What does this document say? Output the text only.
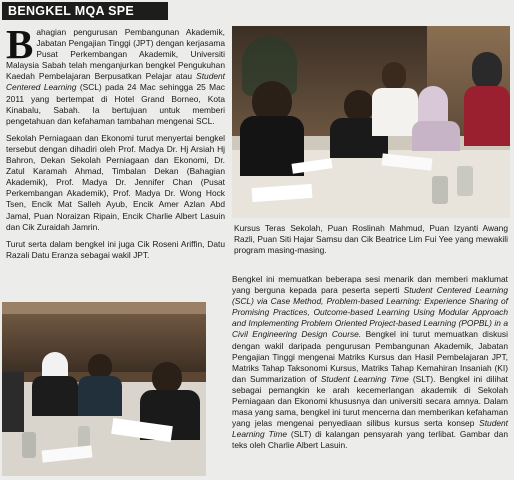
BENGKEL MQA SPE

Bahagian pengurusan Pembangunan Akademik, Jabatan Pengajian Tinggi (JPT) dengan kerjasama Pusat Perkembangan Akademik, Universiti Malaysia Sabah telah menganjurkan bengkel Pengukuhan Kaedah Pembelajaran Berpusatkan Pelajar atau Student Centered Learning (SCL) pada 24 Mac sehingga 25 Mac 2011 yang bertempat di Hotel Grand Borneo, Kota Kinabalu, Sabah. Ia bertujuan untuk memberi pengetahuan dan kefahaman tambahan mengenai SCL.

Sekolah Perniagaan dan Ekonomi turut menyertai bengkel tersebut dengan dihadiri oleh Prof. Madya Dr. Hj Arsiah Hj Bahron, Dekan Sekolah Perniagaan dan Ekonomi, Dr. Zatul Karamah Ahmad, Timbalan Dekan (Bahagian Akademik), Prof. Madya Dr. Jennifer Chan (Pusat Perkembangan Akademik), Prof. Madya Dr. Wong Hock Tsen, Encik Mat Salleh Ayub, Encik Amer Azlan Abd Jamal, Puan Noraizan Ripain, Encik Charlie Albert Lasuin dan Cik Zuraidah Jamrin.

Turut serta dalam bengkel ini juga Cik Roseni Ariffin, Datu Razali Datu Eranza sebagai wakil JPT.

Kursus Teras Sekolah, Puan Roslinah Mahmud, Puan Izyanti Awang Razli, Puan Siti Hajar Samsu dan Cik Beatrice Lim Fui Yee yang mewakili program masing-masing.

Bengkel ini memuatkan beberapa sesi menarik dan memberi maklumat yang berguna kepada para peserta seperti Student Centered Learning (SCL) via Case Method, Problem-based Learning: Experience Sharing of Promising Practices, Outcome-based Learning Using Modular Approach and Implementing Problem Oriented Project-based Learning (POPBL) in a Civil Engineering Design Course. Bengkel ini turut memuatkan diskusi dengan wakil daripada pengurusan Pembangunan Akademik, Jabatan Pengajian Tinggi mengenai Matriks Kursus dan Hasil Pembelajaran JPT, Matriks Tahap Taksonomi Kursus, Matriks Tahap Kemahiran Insaniah (KI) dan Summarization of Student Learning Time (SLT). Bengkel ini dilihat sebagai pemangkin ke arah kecemerlangan akademik di Sekolah Perniagaan dan Ekonomi khususnya dan universiti secara amnya. Dalam masa yang sama, bengkel ini turut mencerna dan memberikan kefahaman yang jelas mengenai penyediaan silibus kursus serta konsep Student Learning Time (SLT) di kalangan pensyarah yang terlibat. Gambar dan teks oleh Charlie Albert Lasuin.
